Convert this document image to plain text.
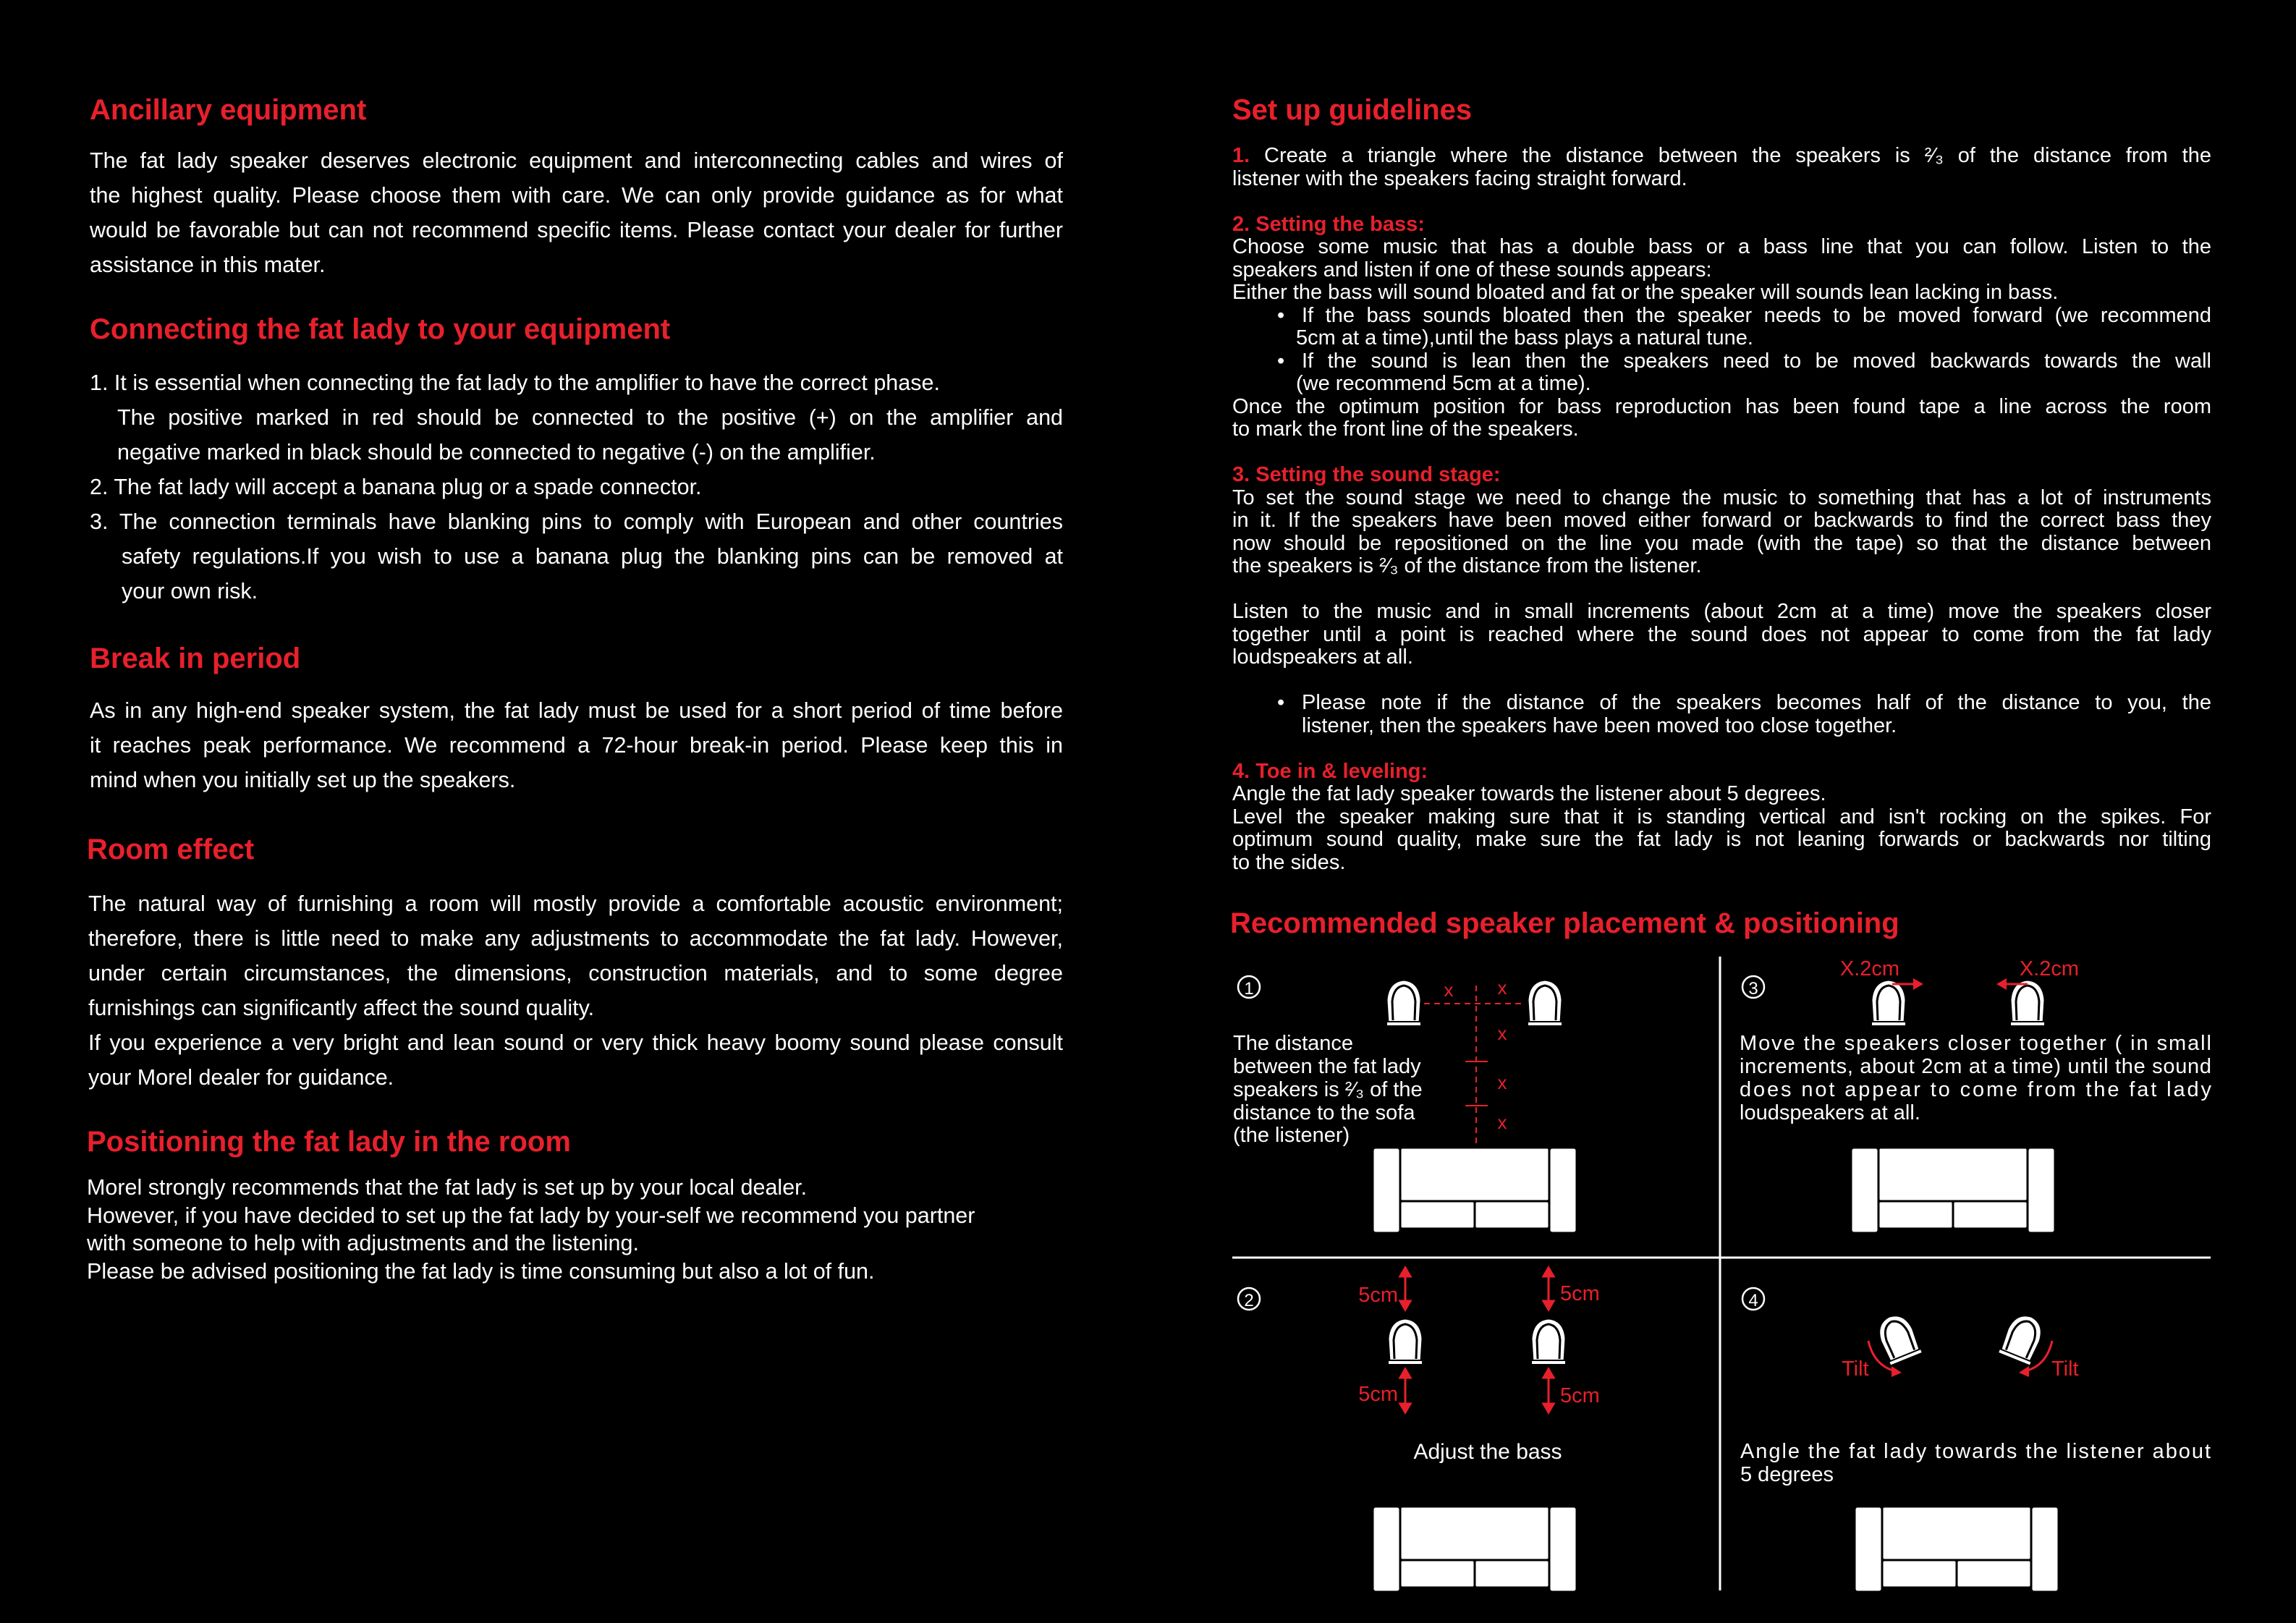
Ancillary equipment
The fat lady speaker deserves electronic equipment and interconnecting cables and wires of
the highest quality. Please choose them with care. We can only provide guidance as for what
would be favorable but can not recommend specific items. Please contact your dealer for further
assistance in this mater.
Connecting the fat lady to your equipment
1. It is essential when connecting the fat lady to the amplifier to have the correct phase.
The positive marked in red should be connected to the positive (+) on the amplifier and
negative marked in black should be connected to negative (-) on the amplifier.
2. The fat lady will accept a banana plug or a spade connector.
3. The connection terminals have blanking pins to comply with European and other countries
safety regulations.If you wish to use a banana plug the blanking pins can be removed at
your own risk.
Break in period
As in any high-end speaker system, the fat lady must be used for a short period of time before
it reaches peak performance. We recommend a 72-hour break-in period. Please keep this in
mind when you initially set up the speakers.
Room effect
The natural way of furnishing a room will mostly provide a comfortable acoustic environment;
therefore, there is little need to make any adjustments to accommodate the fat lady. However,
under certain circumstances, the dimensions, construction materials, and to some degree
furnishings can significantly affect the sound quality.
If you experience a very bright and lean sound or very thick heavy boomy sound please consult
your Morel dealer for guidance.
Positioning the fat lady in the room
Morel strongly recommends that the fat lady is set up by your local dealer.
However, if you have decided to set up the fat lady by your-self we recommend you partner
with someone to help with adjustments and the listening.
Please be advised positioning the fat lady is time consuming but also a lot of fun.
Set up guidelines
1. Create a triangle where the distance between the speakers is ²⁄₃ of the distance from the
listener with the speakers facing straight forward.
2. Setting the bass:
Choose some music that has a double bass or a bass line that you can follow. Listen to the
speakers and listen if one of these sounds appears:
Either the bass will sound bloated and fat or the speaker will sounds lean lacking in bass.
• If the bass sounds bloated then the speaker needs to be moved forward (we recommend
5cm at a time),until the bass plays a natural tune.
• If the sound is lean then the speakers need to be moved backwards towards the wall
(we recommend 5cm at a time).
Once the optimum position for bass reproduction has been found tape a line across the room
to mark the front line of the speakers.
3. Setting the sound stage:
To set the sound stage we need to change the music to something that has a lot of instruments
in it. If the speakers have been moved either forward or backwards to find the correct bass they
now should be repositioned on the line you made (with the tape) so that the distance between
the speakers is ²⁄₃ of the distance from the listener.
Listen to the music and in small increments (about 2cm at a time) move the speakers closer
together until a point is reached where the sound does not appear to come from the fat lady
loudspeakers at all.
• Please note if the distance of the speakers becomes half of the distance to you, the
listener, then the speakers have been moved too close together.
4. Toe in & leveling:
Angle the fat lady speaker towards the listener about 5 degrees.
Level the speaker making sure that it is standing vertical and isn't rocking on the spikes. For
optimum sound quality, make sure the fat lady is not leaning forwards or backwards nor tilting
to the sides.
Recommended speaker placement & positioning
1	x x
x
x
x
The distance
between the fat lady
speakers is ²⁄₃ of the
distance to the sofa
(the listener)
3
X.2cm	X.2cm
Move the speakers closer together ( in small
increments, about 2cm at a time) until the sound
does not appear to come from the fat lady
loudspeakers at all.
2	5cm	5cm
5cm	5cm
Adjust the bass
4
Tilt	Tilt
Angle the fat lady towards the listener about
5 degrees
